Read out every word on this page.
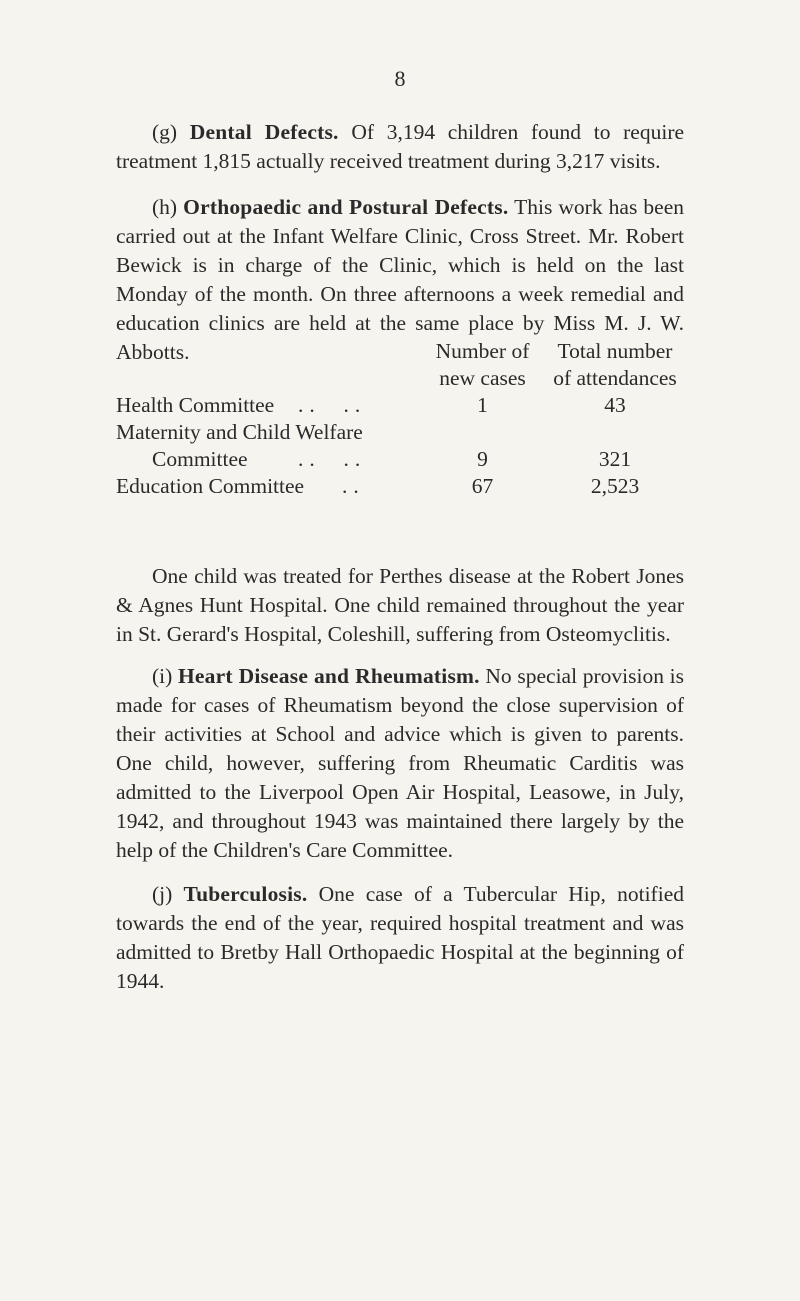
8

(g) Dental Defects. Of 3,194 children found to require treatment 1,815 actually received treatment during 3,217 visits.

(h) Orthopaedic and Postural Defects. This work has been carried out at the Infant Welfare Clinic, Cross Street. Mr. Robert Bewick is in charge of the Clinic, which is held on the last Monday of the month. On three afternoons a week remedial and education clinics are held at the same place by Miss M. J. W. Abbotts.	Number of	Total number
new cases	of attendances
Health Committee ..  ..	1	43
Maternity and Child Welfare
Committee ..  ..	9	321
Education Committee ..	67	2,523

One child was treated for Perthes disease at the Robert Jones & Agnes Hunt Hospital. One child remained throughout the year in St. Gerard's Hospital, Coleshill, suffering from Osteomyclitis.

(i) Heart Disease and Rheumatism. No special provision is made for cases of Rheumatism beyond the close supervision of their activities at School and advice which is given to parents. One child, however, suffering from Rheumatic Carditis was admitted to the Liverpool Open Air Hospital, Leasowe, in July, 1942, and throughout 1943 was maintained there largely by the help of the Children's Care Committee.

(j) Tuberculosis. One case of a Tubercular Hip, notified towards the end of the year, required hospital treatment and was admitted to Bretby Hall Orthopaedic Hospital at the beginning of 1944.
